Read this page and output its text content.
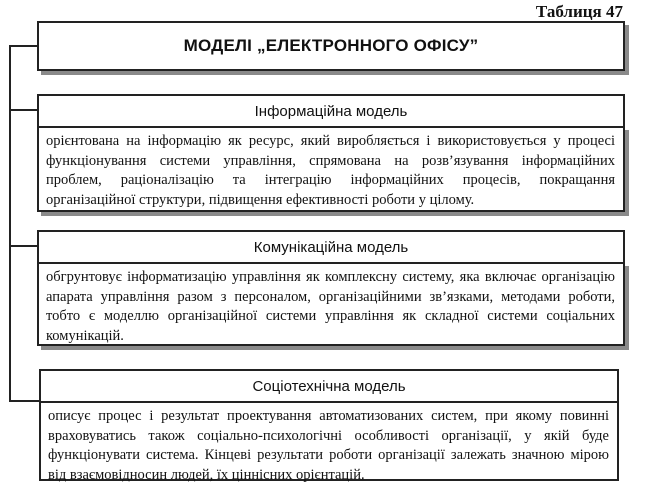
Таблиця 47
МОДЕЛІ „ЕЛЕКТРОННОГО ОФІСУ”
Інформаційна модель
орієнтована на інформацію як ресурс, який виробляється і використовується у процесі функціонування системи управління, спрямована на розв’язування інформаційних проблем, раціоналізацію та інтеграцію інформаційних процесів, покращання організаційної структури, підвищення ефективності роботи у цілому.
Комунікаційна модель
обгрунтовує інформатизацію управління як комплексну систему, яка включає організацію апарата управління разом з персоналом, організаційними зв’язками, методами роботи, тобто є моделлю організаційної системи управління як складної системи соціальних комунікацій.
Соціотехнічна модель
описує процес і результат проектування автоматизованих систем, при якому повинні враховуватись також соціально-психологічні особливості організації, у якій буде функціонувати система. Кінцеві результати роботи організації залежать значною мірою від взаємовідносин людей, їх ціннісних орієнтацій.
